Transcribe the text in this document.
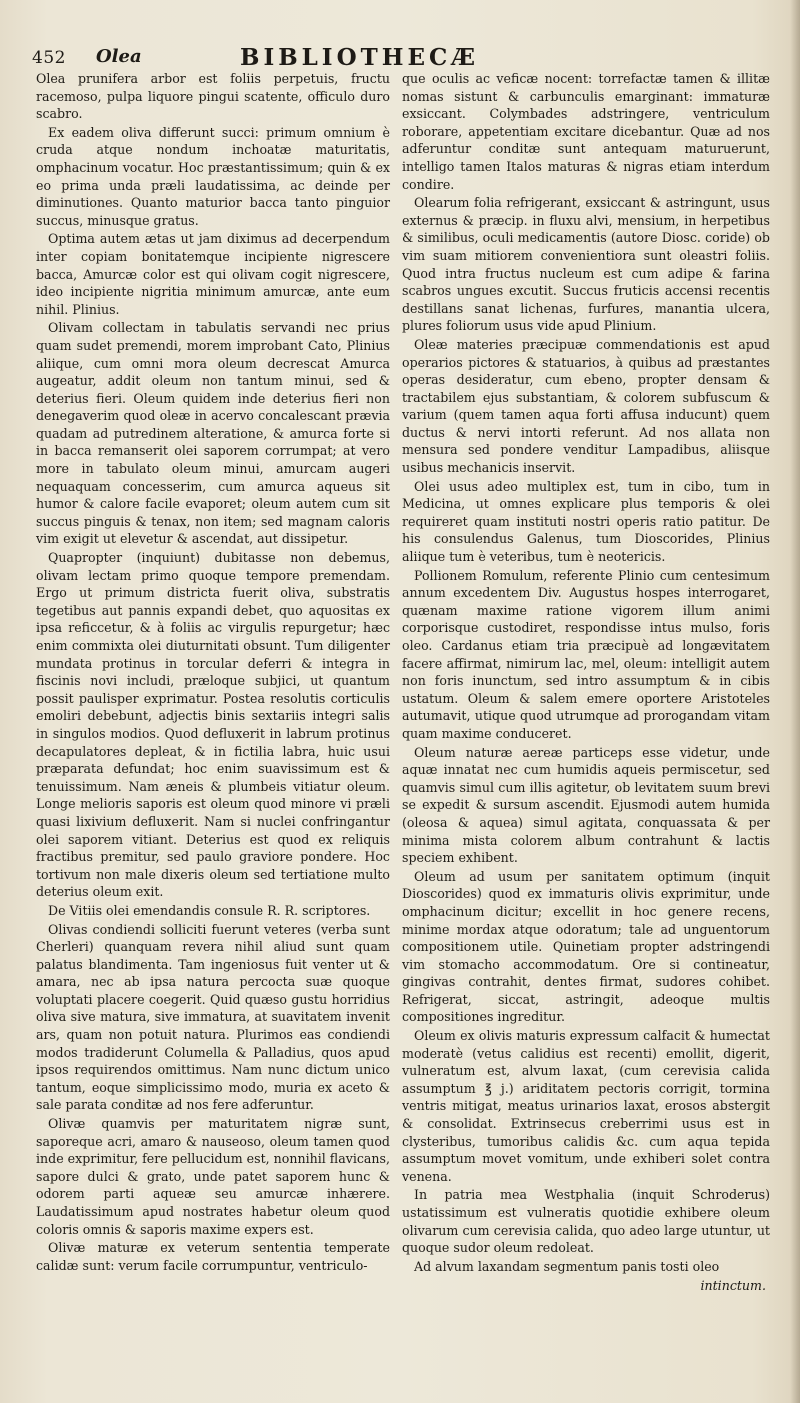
452 Olea	BIBLIOTHECÆ

Olea prunifera arbor est foliis perpetuis, fructu racemoso, pulpa liquore pingui scatente, officulo duro scabro.

Ex eadem oliva differunt succi: primum omnium è cruda atque nondum inchoatæ maturitatis, omphacinum vocatur. Hoc præstantissimum; quin & ex eo prima unda præli laudatissima, ac deinde per diminutiones. Quanto maturior bacca tanto pinguior succus, minusque gratus.

Optima autem ætas ut jam diximus ad decerpendum inter copiam bonitatemque incipiente nigrescere bacca, Amurcæ color est qui olivam cogit nigrescere, ideo incipiente nigritia minimum amurcæ, ante eum nihil. Plinius.

Olivam collectam in tabulatis servandi nec prius quam sudet premendi, morem improbant Cato, Plinius aliique, cum omni mora oleum decrescat Amurca augeatur, addit oleum non tantum minui, sed & deterius fieri. Oleum quidem inde deterius fieri non denegaverim quod oleæ in acervo concalescant prævia quadam ad putredinem alteratione, & amurca forte si in bacca remanserit olei saporem corrumpat; at vero more in tabulato oleum minui, amurcam augeri nequaquam concesserim, cum amurca aqueus sit humor & calore facile evaporet; oleum autem cum sit succus pinguis & tenax, non item; sed magnam caloris vim exigit ut elevetur & ascendat, aut dissipetur.

Quapropter (inquiunt) dubitasse non debemus, olivam lectam primo quoque tempore premendam. Ergo ut primum districta fuerit oliva, substratis tegetibus aut pannis expandi debet, quo aquositas ex ipsa reficcetur, & à foliis ac virgulis repurgetur; hæc enim commixta olei diuturnitati obsunt. Tum diligenter mundata protinus in torcular deferri & integra in fiscinis novi includi, præloque subjici, ut quantum possit paulisper exprimatur. Postea resolutis corticulis emoliri debebunt, adjectis binis sextariis integri salis in singulos modios. Quod defluxerit in labrum protinus decapulatores depleat, & in fictilia labra, huic usui præparata defundat; hoc enim suavissimum est & tenuissimum. Nam æneis & plumbeis vitiatur oleum. Longe melioris saporis est oleum quod minore vi præli quasi lixivium defluxerit. Nam si nuclei confringantur olei saporem vitiant. Deterius est quod ex reliquis fractibus premitur, sed paulo graviore pondere. Hoc tortivum non male dixeris oleum sed tertiatione multo deterius oleum exit.

De Vitiis olei emendandis consule R. R. scriptores.

Olivas condiendi solliciti fuerunt veteres (verba sunt Cherleri) quanquam revera nihil aliud sunt quam palatus blandimenta. Tam ingeniosus fuit venter ut & amara, nec ab ipsa natura percocta suæ quoque voluptati placere coegerit. Quid quæso gustu horridius oliva sive matura, sive immatura, at suavitatem invenit ars, quam non potuit natura. Plurimos eas condiendi modos tradiderunt Columella & Palladius, quos apud ipsos requirendos omittimus. Nam nunc dictum unico tantum, eoque simplicissimo modo, muria ex aceto & sale parata conditæ ad nos fere adferuntur.

Olivæ quamvis per maturitatem nigræ sunt, saporeque acri, amaro & nauseoso, oleum tamen quod inde exprimitur, fere pellucidum est, nonnihil flavicans, sapore dulci & grato, unde patet saporem hunc & odorem parti aqueæ seu amurcæ inhærere. Laudatissimum apud nostrates habetur oleum quod coloris omnis & saporis maxime expers est.

Olivæ maturæ ex veterum sententia temperate calidæ sunt: verum facile corrumpuntur, ventriculo-

que oculis ac veficæ nocent: torrefactæ tamen & illitæ nomas sistunt & carbunculis emarginant: immaturæ exsiccant. Colymbades adstringere, ventriculum roborare, appetentiam excitare dicebantur. Quæ ad nos adferuntur conditæ sunt antequam maturuerunt, intelligo tamen Italos maturas & nigras etiam interdum condire.

Olearum folia refrigerant, exsiccant & astringunt, usus externus & præcip. in fluxu alvi, mensium, in herpetibus & similibus, oculi medicamentis (autore Diosc. coride) ob vim suam mitiorem convenientiora sunt oleastri foliis. Quod intra fructus nucleum est cum adipe & farina scabros ungues excutit. Succus fruticis accensi recentis destillans sanat lichenas, furfures, manantia ulcera, plures foliorum usus vide apud Plinium.

Oleæ materies præcipuæ commendationis est apud operarios pictores & statuarios, à quibus ad præstantes operas desideratur, cum ebeno, propter densam & tractabilem ejus substantiam, & colorem subfuscum & varium (quem tamen aqua forti affusa inducunt) quem ductus & nervi intorti referunt. Ad nos allata non mensura sed pondere venditur Lampadibus, aliisque usibus mechanicis inservit.

Olei usus adeo multiplex est, tum in cibo, tum in Medicina, ut omnes explicare plus temporis & olei requireret quam instituti nostri operis ratio patitur. De his consulendus Galenus, tum Dioscorides, Plinius aliique tum è veteribus, tum è neotericis.

Pollionem Romulum, referente Plinio cum centesimum annum excedentem Div. Augustus hospes interrogaret, quænam maxime ratione vigorem illum animi corporisque custodiret, respondisse intus mulso, foris oleo. Cardanus etiam tria præcipuè ad longævitatem facere affirmat, nimirum lac, mel, oleum: intelligit autem non foris inunctum, sed intro assumptum & in cibis ustatum. Oleum & salem emere oportere Aristoteles autumavit, utique quod utrumque ad prorogandam vitam quam maxime conduceret.

Oleum naturæ aereæ particeps esse videtur, unde aquæ innatat nec cum humidis aqueis permiscetur, sed quamvis simul cum illis agitetur, ob levitatem suum brevi se expedit & sursum ascendit. Ejusmodi autem humida (oleosa & aquea) simul agitata, conquassata & per minima mista colorem album contrahunt & lactis speciem exhibent.

Oleum ad usum per sanitatem optimum (inquit Dioscorides) quod ex immaturis olivis exprimitur, unde omphacinum dicitur; excellit in hoc genere recens, minime mordax atque odoratum; tale ad unguentorum compositionem utile. Quinetiam propter adstringendi vim stomacho accommodatum. Ore si contineatur, gingivas contrahit, dentes firmat, sudores cohibet. Refrigerat, siccat, astringit, adeoque multis compositiones ingreditur.

Oleum ex olivis maturis expressum calfacit & humectat moderatè (vetus calidius est recenti) emollit, digerit, vulneratum est, alvum laxat, (cum cerevisia calida assumptum ℥ j.) ariditatem pectoris corrigit, tormina ventris mitigat, meatus urinarios laxat, erosos abstergit & consolidat. Extrinsecus creberrimi usus est in clysteribus, tumoribus calidis &c. cum aqua tepida assumptum movet vomitum, unde exhiberi solet contra venena.

In patria mea Westphalia (inquit Schroderus) ustatissimum est vulneratis quotidie exhibere oleum olivarum cum cerevisia calida, quo adeo large utuntur, ut quoque sudor oleum redoleat.

Ad alvum laxandam segmentum panis tosti oleo

intinctum.
